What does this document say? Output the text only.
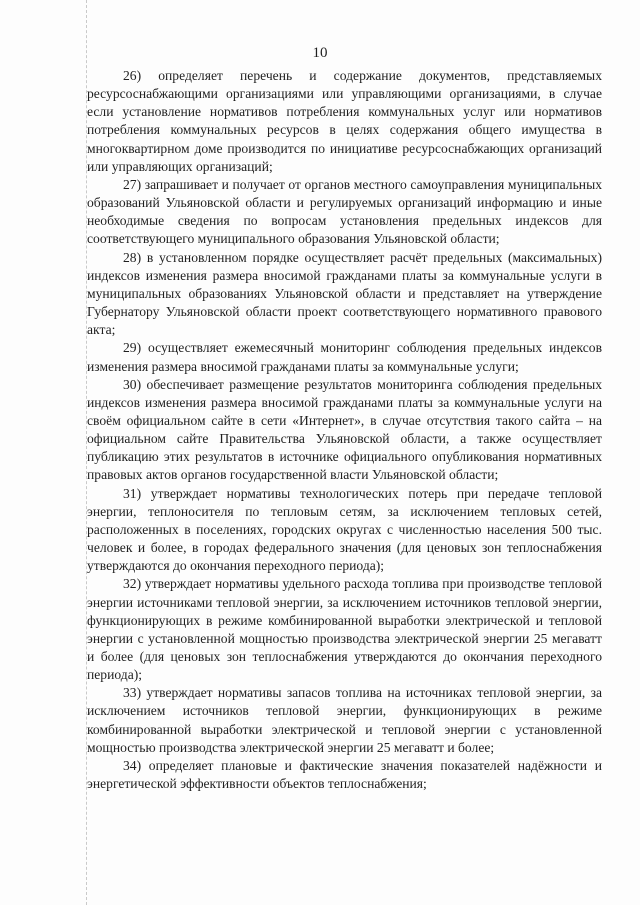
10

26) определяет перечень и содержание документов, представляемых ресурсоснабжающими организациями или управляющими организациями, в случае если установление нормативов потребления коммунальных услуг или нормативов потребления коммунальных ресурсов в целях содержания общего имущества в многоквартирном доме производится по инициативе ресурсоснабжающих организаций или управляющих организаций;

27) запрашивает и получает от органов местного самоуправления муниципальных образований Ульяновской области и регулируемых организаций информацию и иные необходимые сведения по вопросам установления предельных индексов для соответствующего муниципального образования Ульяновской области;

28) в установленном порядке осуществляет расчёт предельных (максимальных) индексов изменения размера вносимой гражданами платы за коммунальные услуги в муниципальных образованиях Ульяновской области и представляет на утверждение Губернатору Ульяновской области проект соответствующего нормативного правового акта;

29) осуществляет ежемесячный мониторинг соблюдения предельных индексов изменения размера вносимой гражданами платы за коммунальные услуги;

30) обеспечивает размещение результатов мониторинга соблюдения предельных индексов изменения размера вносимой гражданами платы за коммунальные услуги на своём официальном сайте в сети «Интернет», в случае отсутствия такого сайта – на официальном сайте Правительства Ульяновской области, а также осуществляет публикацию этих результатов в источнике официального опубликования нормативных правовых актов органов государственной власти Ульяновской области;

31) утверждает нормативы технологических потерь при передаче тепловой энергии, теплоносителя по тепловым сетям, за исключением тепловых сетей, расположенных в поселениях, городских округах с численностью населения 500 тыс. человек и более, в городах федерального значения (для ценовых зон теплоснабжения утверждаются до окончания переходного периода);

32) утверждает нормативы удельного расхода топлива при производстве тепловой энергии источниками тепловой энергии, за исключением источников тепловой энергии, функционирующих в режиме комбинированной выработки электрической и тепловой энергии с установленной мощностью производства электрической энергии 25 мегаватт и более (для ценовых зон теплоснабжения утверждаются до окончания переходного периода);

33) утверждает нормативы запасов топлива на источниках тепловой энергии, за исключением источников тепловой энергии, функционирующих в режиме комбинированной выработки электрической и тепловой энергии с установленной мощностью производства электрической энергии 25 мегаватт и более;

34) определяет плановые и фактические значения показателей надёжности и энергетической эффективности объектов теплоснабжения;
